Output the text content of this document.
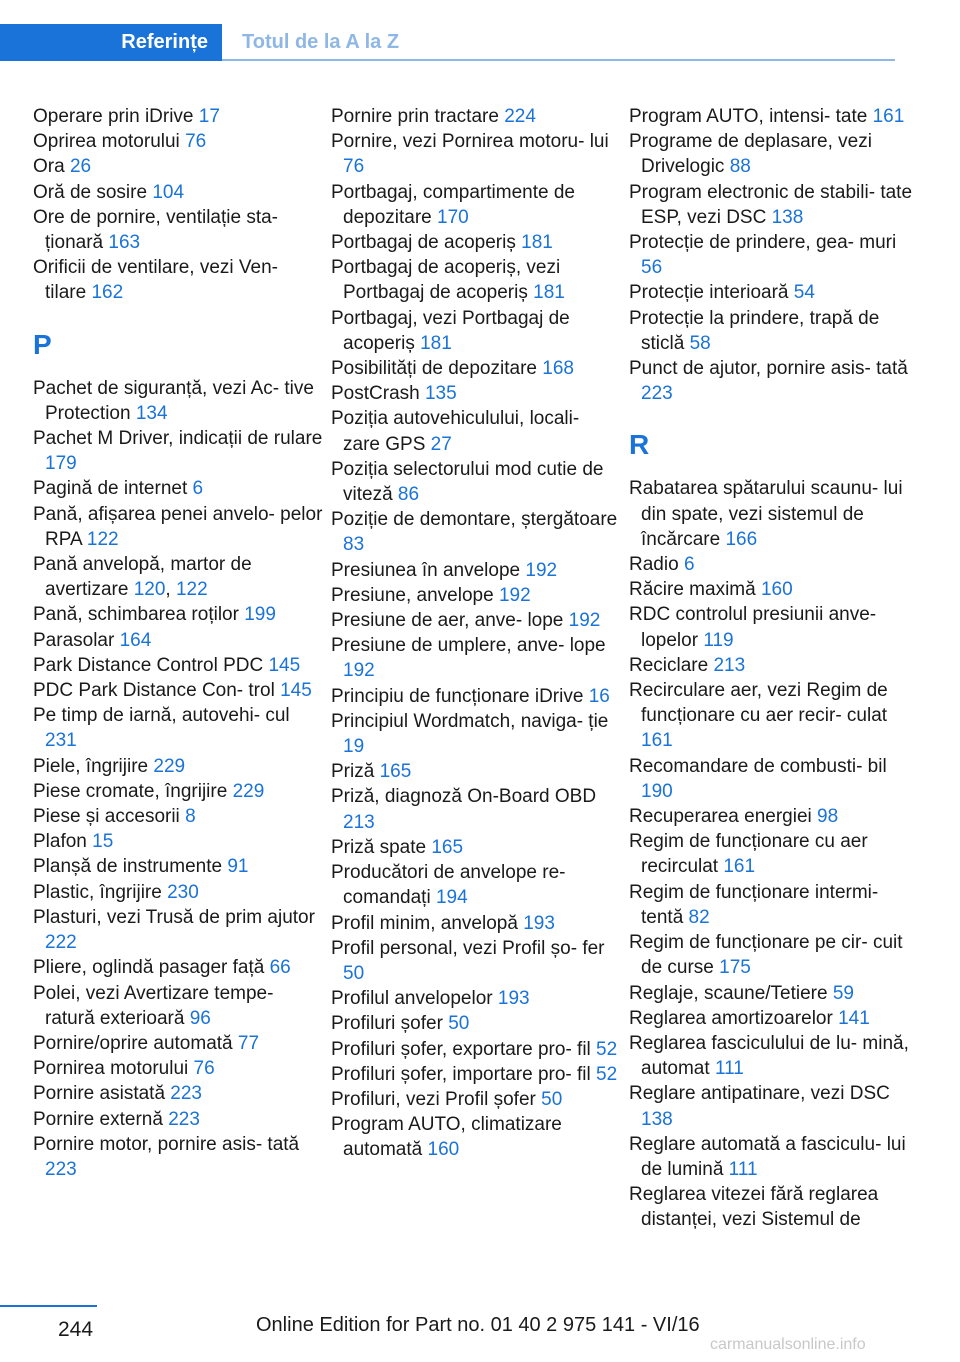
Referințe	Totul de la A la Z
Operare prin iDrive 17
Oprirea motorului 76
Ora 26
Oră de sosire 104
Ore de pornire, ventilație sta‐ ționară 163
Orificii de ventilare, vezi Ven‐ tilare 162
P
Pachet de siguranță, vezi Ac‐ tive Protection 134
Pachet M Driver, indicații de rulare 179
Pagină de internet 6
Pană, afișarea penei anvelo‐ pelor RPA 122
Pană anvelopă, martor de avertizare 120, 122
Pană, schimbarea roților 199
Parasolar 164
Park Distance Control PDC 145
PDC Park Distance Con‐ trol 145
Pe timp de iarnă, autovehi‐ cul 231
Piele, îngrijire 229
Piese cromate, îngrijire 229
Piese și accesorii 8
Plafon 15
Planșă de instrumente 91
Plastic, îngrijire 230
Plasturi, vezi Trusă de prim ajutor 222
Pliere, oglindă pasager față 66
Polei, vezi Avertizare tempe‐ ratură exterioară 96
Pornire/oprire automată 77
Pornirea motorului 76
Pornire asistată 223
Pornire externă 223
Pornire motor, pornire asis‐ tată 223
Pornire prin tractare 224
Pornire, vezi Pornirea motoru‐ lui 76
Portbagaj, compartimente de depozitare 170
Portbagaj de acoperiș 181
Portbagaj de acoperiș, vezi Portbagaj de acoperiș 181
Portbagaj, vezi Portbagaj de acoperiș 181
Posibilități de depozitare 168
PostCrash 135
Poziția autovehiculului, locali‐ zare GPS 27
Poziția selectorului mod cutie de viteză 86
Poziție de demontare, ștergătoare 83
Presiunea în anvelope 192
Presiune, anvelope 192
Presiune de aer, anve‐ lope 192
Presiune de umplere, anve‐ lope 192
Principiu de funcționare iDrive 16
Principiul Wordmatch, naviga‐ ție 19
Priză 165
Priză, diagnoză On-Board OBD 213
Priză spate 165
Producători de anvelope re‐ comandați 194
Profil minim, anvelopă 193
Profil personal, vezi Profil șo‐ fer 50
Profilul anvelopelor 193
Profiluri șofer 50
Profiluri șofer, exportare pro‐ fil 52
Profiluri șofer, importare pro‐ fil 52
Profiluri, vezi Profil șofer 50
Program AUTO, climatizare automată 160
Program AUTO, intensi‐ tate 161
Programe de deplasare, vezi Drivelogic 88
Program electronic de stabili‐ tate ESP, vezi DSC 138
Protecție de prindere, gea‐ muri 56
Protecție interioară 54
Protecție la prindere, trapă de sticlă 58
Punct de ajutor, pornire asis‐ tată 223
R
Rabatarea spătarului scaunu‐ lui din spate, vezi sistemul de încărcare 166
Radio 6
Răcire maximă 160
RDC controlul presiunii anve‐ lopelor 119
Reciclare 213
Recirculare aer, vezi Regim de funcționare cu aer recir‐ culat 161
Recomandare de combusti‐ bil 190
Recuperarea energiei 98
Regim de funcționare cu aer recirculat 161
Regim de funcționare intermi‐ tentă 82
Regim de funcționare pe cir‐ cuit de curse 175
Reglaje, scaune/Tetiere 59
Reglarea amortizoarelor 141
Reglarea fasciculului de lu‐ mină, automat 111
Reglare antipatinare, vezi DSC 138
Reglare automată a fasciculu‐ lui de lumină 111
Reglarea vitezei fără reglarea distanței, vezi Sistemul de
244	Online Edition for Part no. 01 40 2 975 141 - VI/16
carmanualsonline.info
